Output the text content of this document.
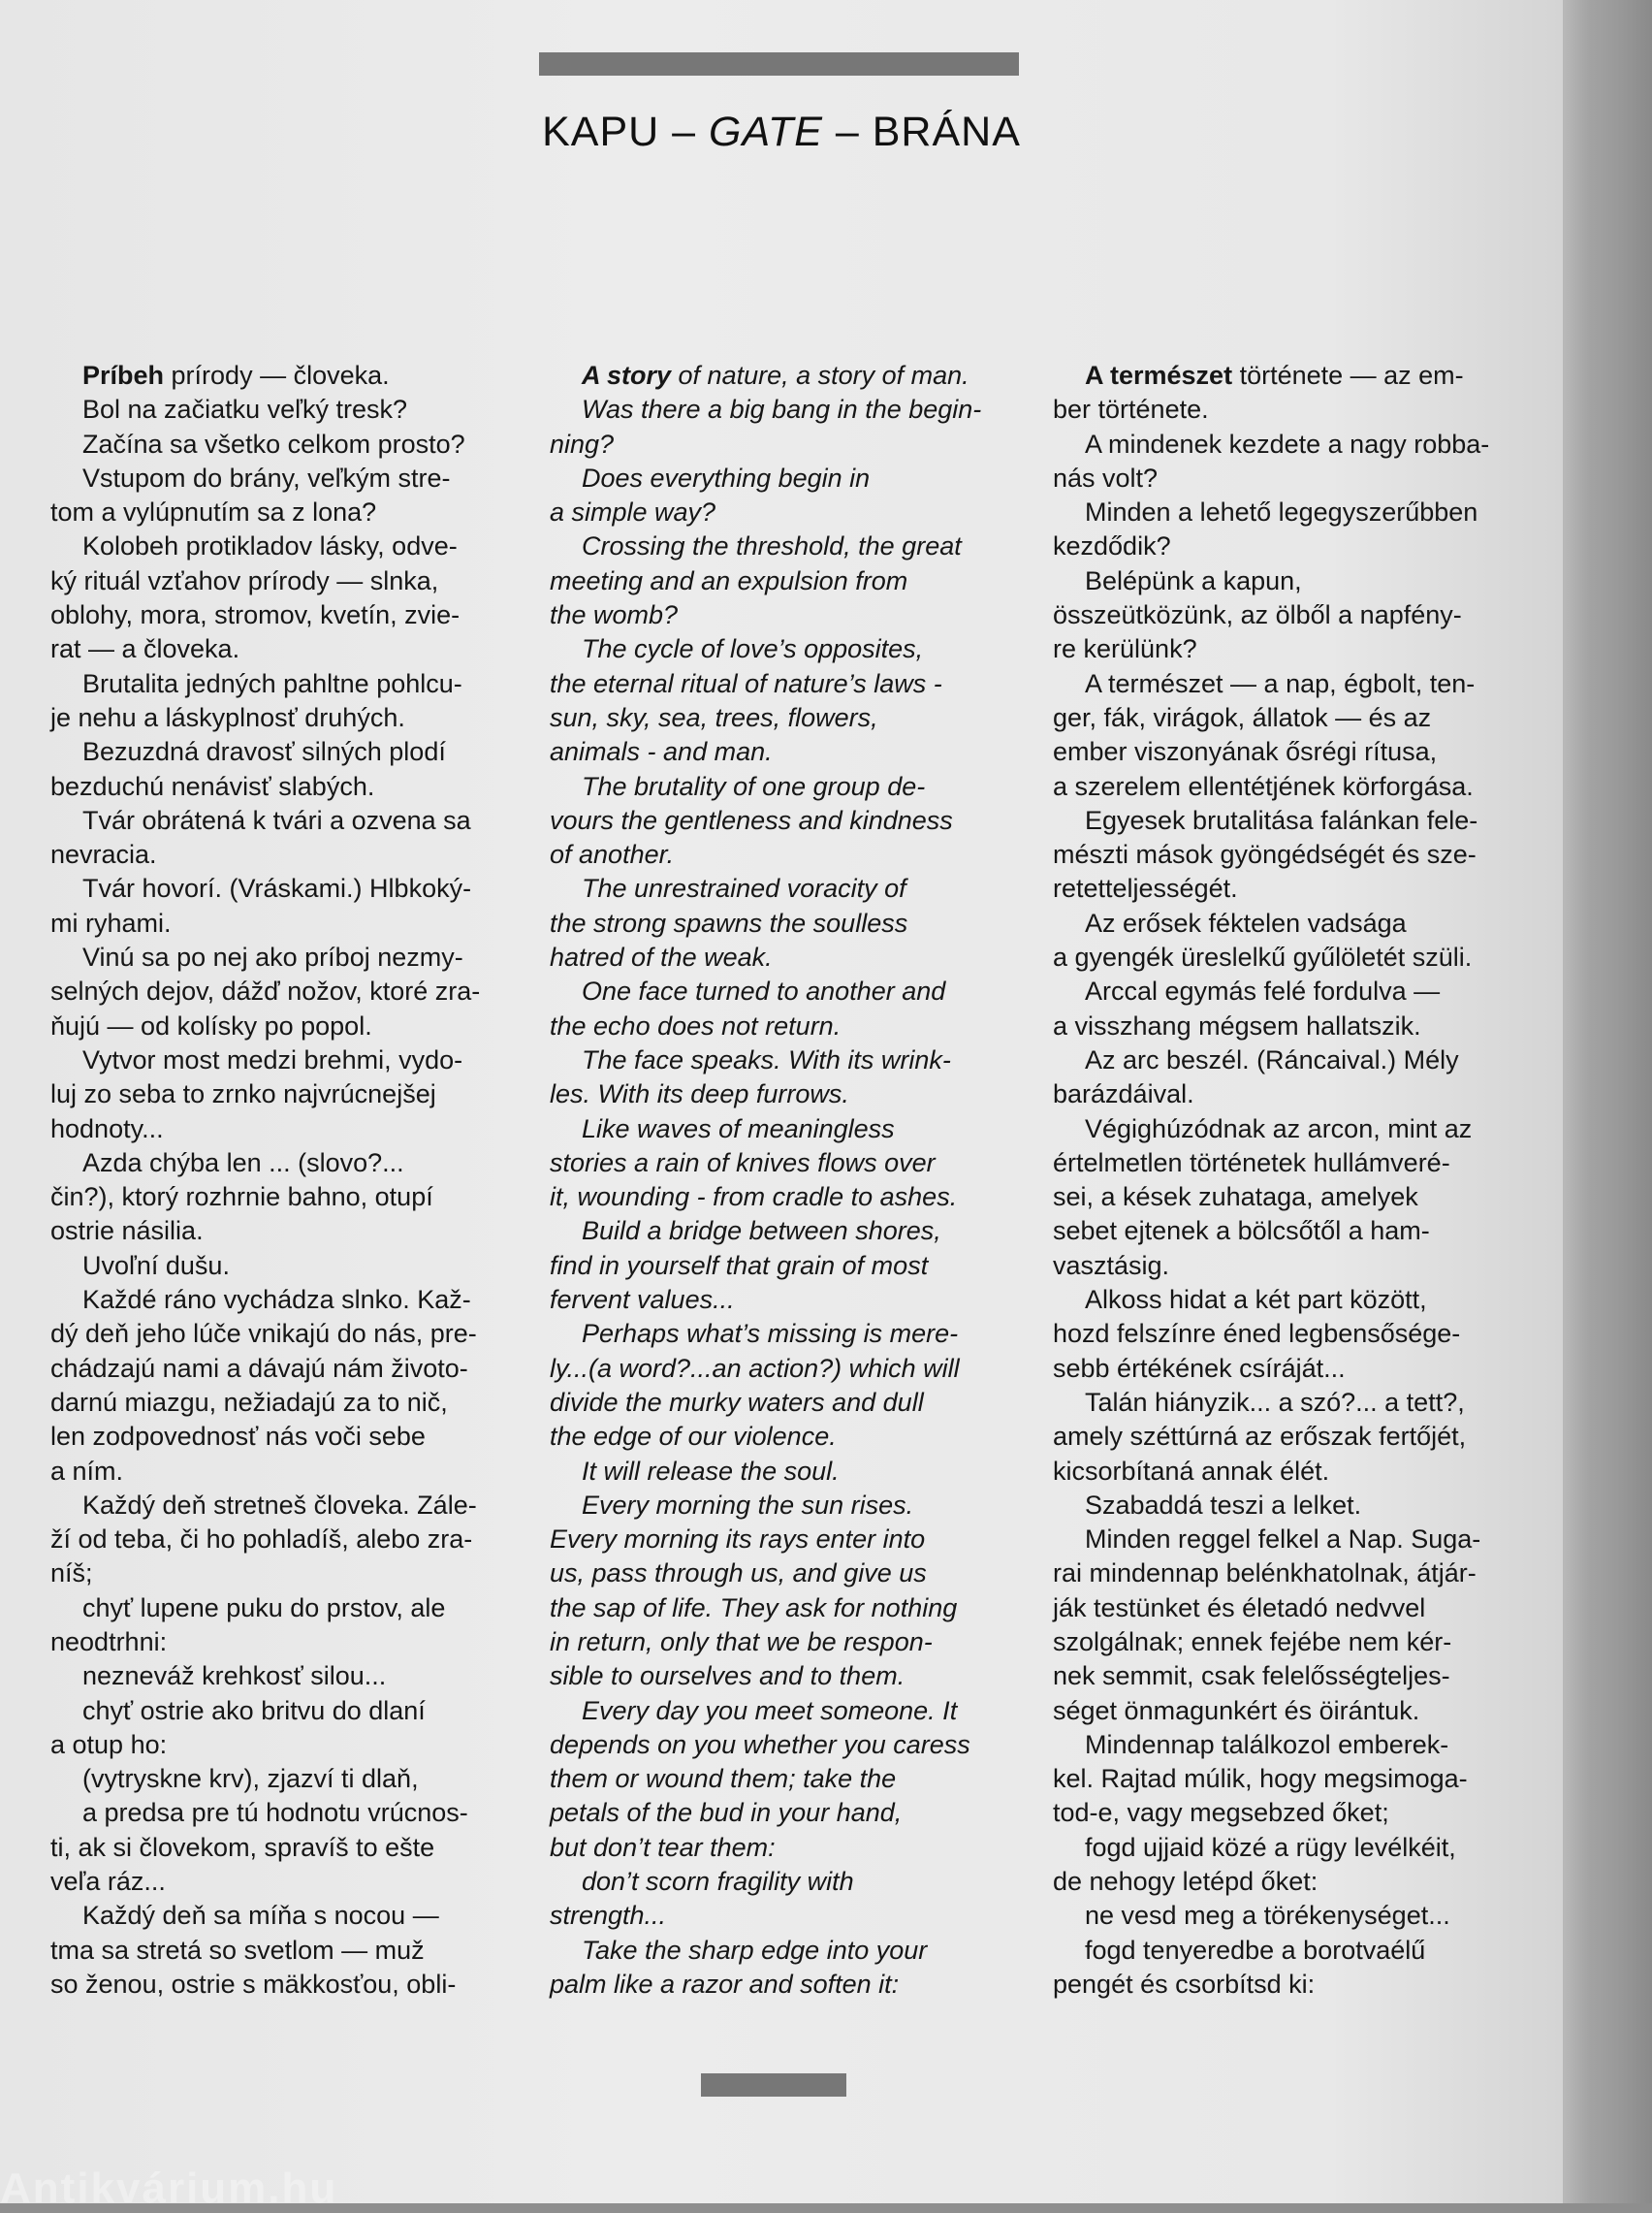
KAPU – GATE – BRÁNA

Príbeh prírody — človeka.

Bol na začiatku veľký tresk?

Začína sa všetko celkom prosto?

Vstupom do brány, veľkým stre-

tom a vylúpnutím sa z lona?

Kolobeh protikladov lásky, odve-

ký rituál vzťahov prírody — slnka,

oblohy, mora, stromov, kvetín, zvie-

rat — a človeka.

Brutalita jedných pahltne pohlcu-

je nehu a láskyplnosť druhých.

Bezuzdná dravosť silných plodí

bezduchú nenávisť slabých.

Tvár obrátená k tvári a ozvena sa

nevracia.

Tvár hovorí. (Vráskami.) Hlbkoký-

mi ryhami.

Vinú sa po nej ako príboj nezmy-

selných dejov, dážď nožov, ktoré zra-

ňujú — od kolísky po popol.

Vytvor most medzi brehmi, vydo-

luj zo seba to zrnko najvrúcnejšej

hodnoty...

Azda chýba len ... (slovo?...

čin?), ktorý rozhrnie bahno, otupí

ostrie násilia.

Uvoľní dušu.

Každé ráno vychádza slnko. Kaž-

dý deň jeho lúče vnikajú do nás, pre-

chádzajú nami a dávajú nám životo-

darnú miazgu, nežiadajú za to nič,

len zodpovednosť nás voči sebe

a ním.

Každý deň stretneš človeka. Zále-

ží od teba, či ho pohladíš, alebo zra-

níš;

chyť lupene puku do prstov, ale

neodtrhni:

nezneváž krehkosť silou...

chyť ostrie ako britvu do dlaní

a otup ho:

(vytryskne krv), zjazví ti dlaň,

a predsa pre tú hodnotu vrúcnos-

ti, ak si človekom, spravíš to ešte

veľa ráz...

Každý deň sa míňa s nocou —

tma sa stretá so svetlom — muž

so ženou, ostrie s mäkkosťou, obli-

A story of nature, a story of man.

Was there a big bang in the begin-

ning?

Does everything begin in

a simple way?

Crossing the threshold, the great

meeting and an expulsion from

the womb?

The cycle of love’s opposites,

the eternal ritual of nature’s laws -

sun, sky, sea, trees, flowers,

animals - and man.

The brutality of one group de-

vours the gentleness and kindness

of another.

The unrestrained voracity of

the strong spawns the soulless

hatred of the weak.

One face turned to another and

the echo does not return.

The face speaks. With its wrink-

les. With its deep furrows.

Like waves of meaningless

stories a rain of knives flows over

it, wounding - from cradle to ashes.

Build a bridge between shores,

find in yourself that grain of most

fervent values...

Perhaps what’s missing is mere-

ly...(a word?...an action?) which will

divide the murky waters and dull

the edge of our violence.

It will release the soul.

Every morning the sun rises.

Every morning its rays enter into

us, pass through us, and give us

the sap of life. They ask for nothing

in return, only that we be respon-

sible to ourselves and to them.

Every day you meet someone. It

depends on you whether you caress

them or wound them; take the

petals of the bud in your hand,

but don’t tear them:

don’t scorn fragility with

strength...

Take the sharp edge into your

palm like a razor and soften it:

A természet története — az em-

ber története.

A mindenek kezdete a nagy robba-

nás volt?

Minden a lehető legegyszerűbben

kezdődik?

Belépünk a kapun,

összeütközünk, az ölből a napfény-

re kerülünk?

A természet — a nap, égbolt, ten-

ger, fák, virágok, állatok — és az

ember viszonyának ősrégi rítusa,

a szerelem ellentétjének körforgása.

Egyesek brutalitása falánkan fele-

mészti mások gyöngédségét és sze-

retetteljességét.

Az erősek féktelen vadsága

a gyengék üreslelkű gyűlöletét szüli.

Arccal egymás felé fordulva —

a visszhang mégsem hallatszik.

Az arc beszél. (Ráncaival.) Mély

barázdáival.

Végighúzódnak az arcon, mint az

értelmetlen történetek hullámveré-

sei, a kések zuhataga, amelyek

sebet ejtenek a bölcsőtől a ham-

vasztásig.

Alkoss hidat a két part között,

hozd felszínre éned legbensősége-

sebb értékének csíráját...

Talán hiányzik... a szó?... a tett?,

amely széttúrná az erőszak fertőjét,

kicsorbítaná annak élét.

Szabaddá teszi a lelket.

Minden reggel felkel a Nap. Suga-

rai mindennap belénkhatolnak, átjár-

ják testünket és életadó nedvvel

szolgálnak; ennek fejébe nem kér-

nek semmit, csak felelősségteljes-

séget önmagunkért és öirántuk.

Mindennap találkozol emberek-

kel. Rajtad múlik, hogy megsimoga-

tod-e, vagy megsebzed őket;

fogd ujjaid közé a rügy levélkéit,

de nehogy letépd őket:

ne vesd meg a törékenységet...

fogd tenyeredbe a borotvaélű

pengét és csorbítsd ki:

Antikvárium.hu
